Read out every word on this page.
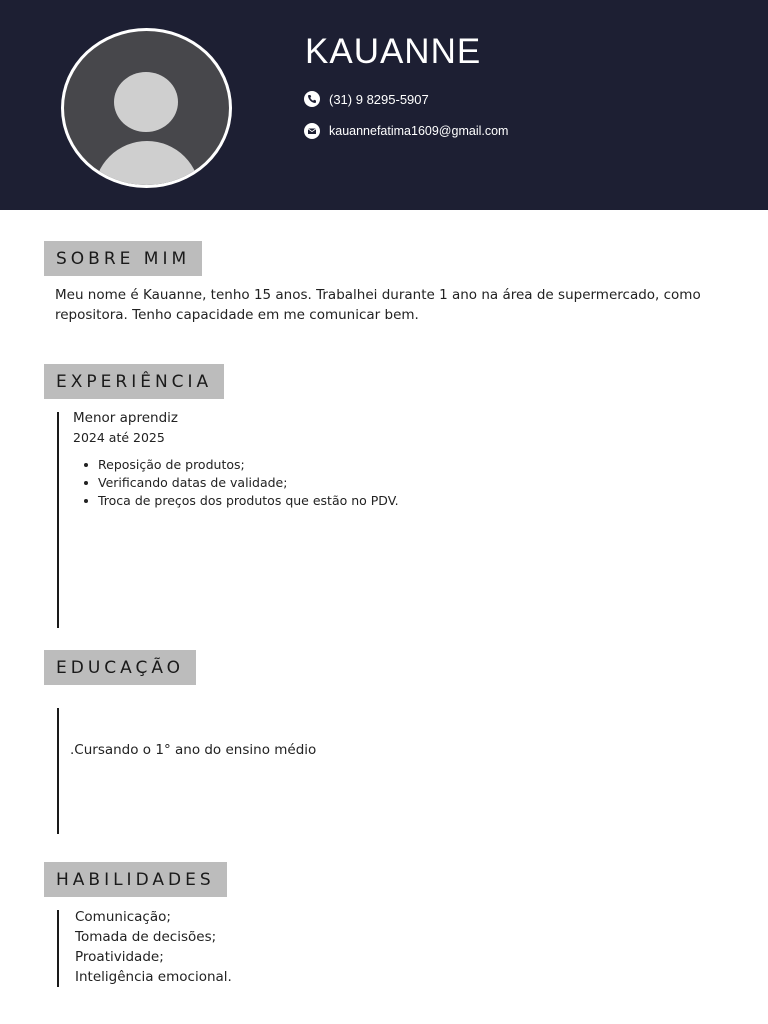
KAUANNE
(31) 9 8295-5907
kauannefatima1609@gmail.com
SOBRE MIM

Meu nome é Kauanne, tenho 15 anos. Trabalhei durante 1 ano na área de supermercado, como repositora. Tenho capacidade em me comunicar bem.

EXPERIÊNCIA
Menor aprendiz
2024 até 2025
Reposição de produtos;
Verificando datas de validade;
Troca de preços dos produtos que estão no PDV.
EDUCAÇÃO
.Cursando o 1° ano do ensino médio
HABILIDADES
Comunicação;
Tomada de decisões;
Proatividade;
Inteligência emocional.
